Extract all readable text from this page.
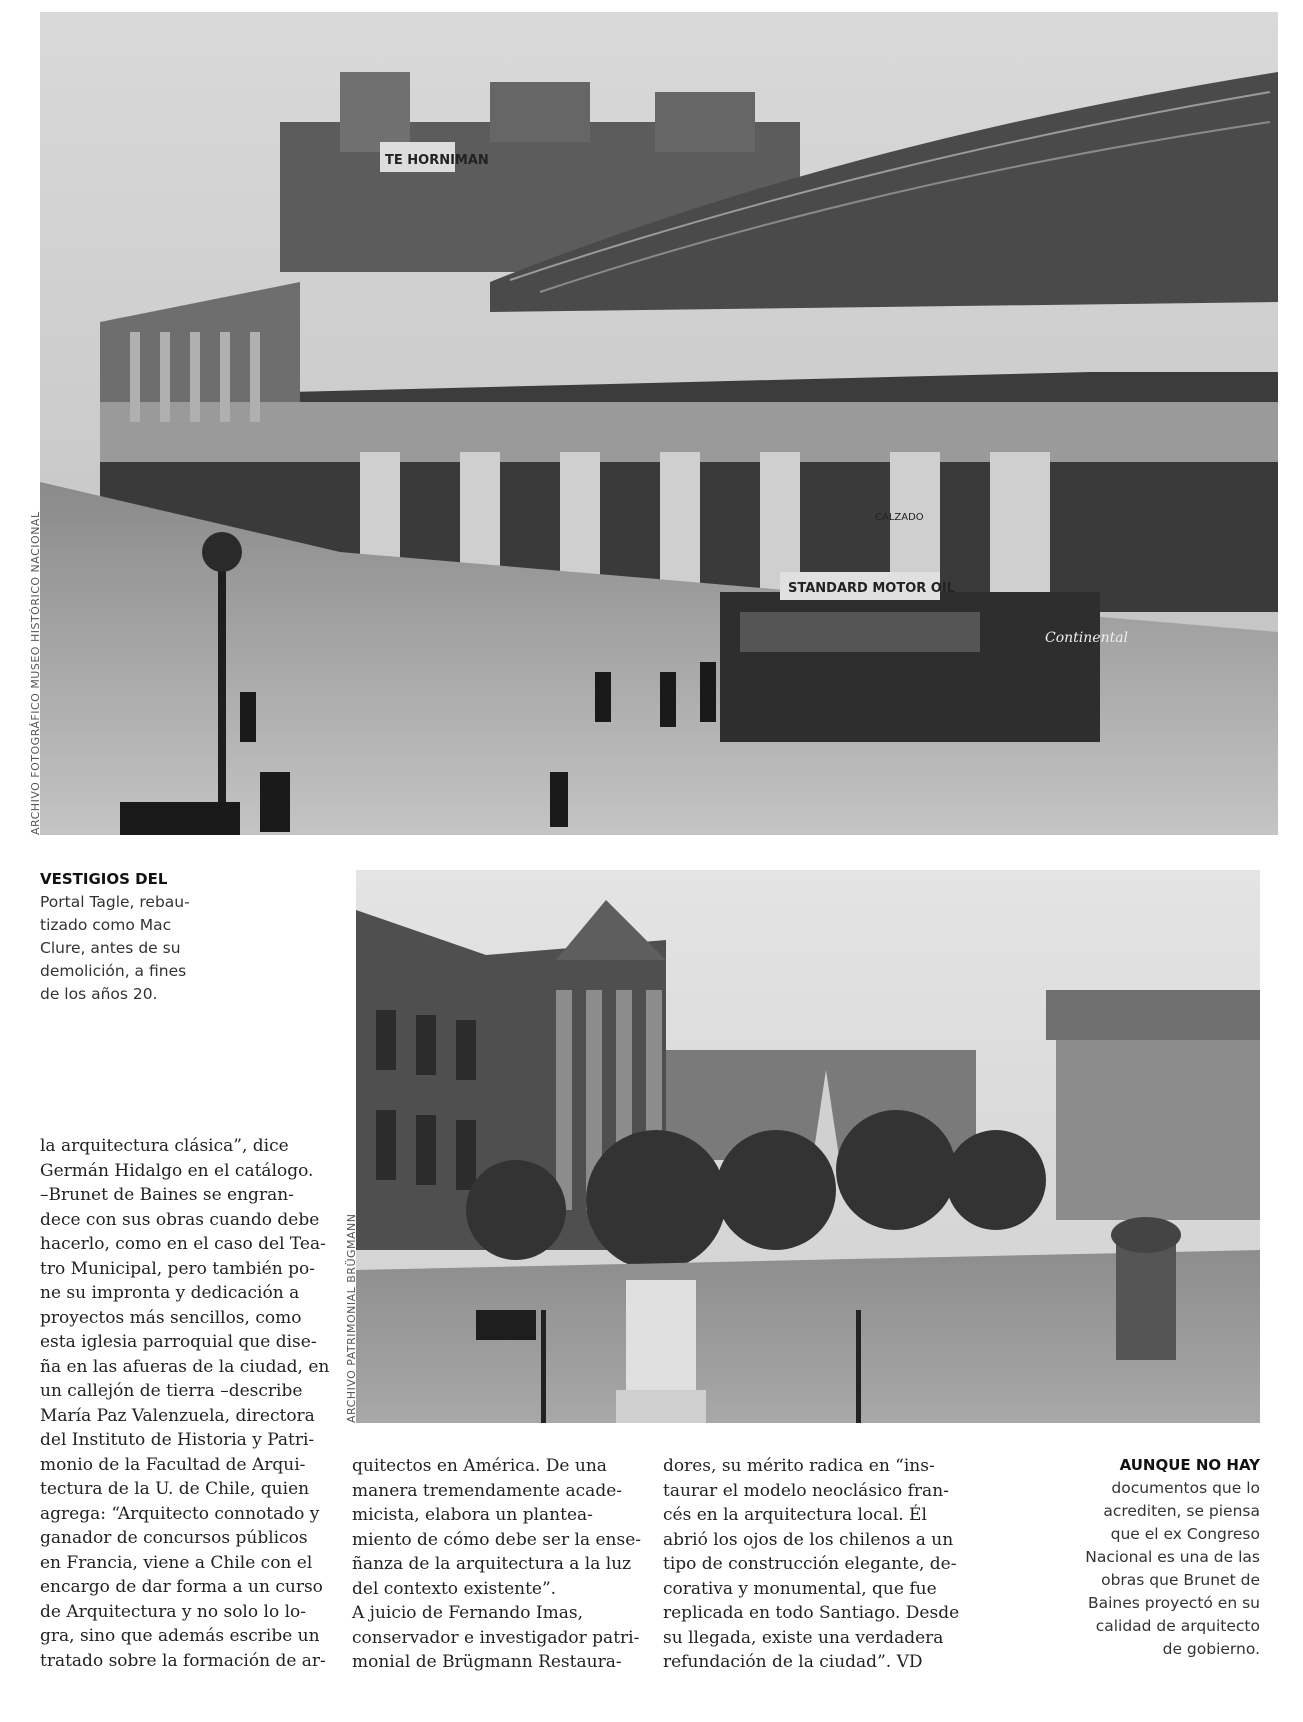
TE HORNIMAN
STANDARD MOTOR OIL
Continental
CALZADO
ARCHIVO FOTOGRÁFICO MUSEO HISTÓRICO NACIONAL
VESTIGIOS DEL
Portal Tagle, rebau-
tizado como Mac
Clure, antes de su
demolición, a fines
de los años 20.
ARCHIVO PATRIMONIAL BRÜGMANN
la arquitectura clásica”, dice
Germán Hidalgo en el catálogo.
–Brunet de Baines se engran-
dece con sus obras cuando debe
hacerlo, como en el caso del Tea-
tro Municipal, pero también po-
ne su impronta y dedicación a
proyectos más sencillos, como
esta iglesia parroquial que dise-
ña en las afueras de la ciudad, en
un callejón de tierra –describe
María Paz Valenzuela, directora
del Instituto de Historia y Patri-
monio de la Facultad de Arqui-
tectura de la U. de Chile, quien
agrega: “Arquitecto connotado y
ganador de concursos públicos
en Francia, viene a Chile con el
encargo de dar forma a un curso
de Arquitectura y no solo lo lo-
gra, sino que además escribe un
tratado sobre la formación de ar-
quitectos en América. De una
manera tremendamente acade-
micista, elabora un planteа-
miento de cómo debe ser la ense-
ñanza de la arquitectura a la luz
del contexto existente”.
A juicio de Fernando Imas,
conservador e investigador patri-
monial de Brügmann Restaura-
dores, su mérito radica en “ins-
taurar el modelo neoclásico fran-
cés en la arquitectura local. Él
abrió los ojos de los chilenos a un
tipo de construcción elegante, de-
corativa y monumental, que fue
replicada en todo Santiago. Desde
su llegada, existe una verdadera
refundación de la ciudad”. VD
AUNQUE NO HAY
documentos que lo
acrediten, se piensa
que el ex Congreso
Nacional es una de las
obras que Brunet de
Baines proyectó en su
calidad de arquitecto
de gobierno.
